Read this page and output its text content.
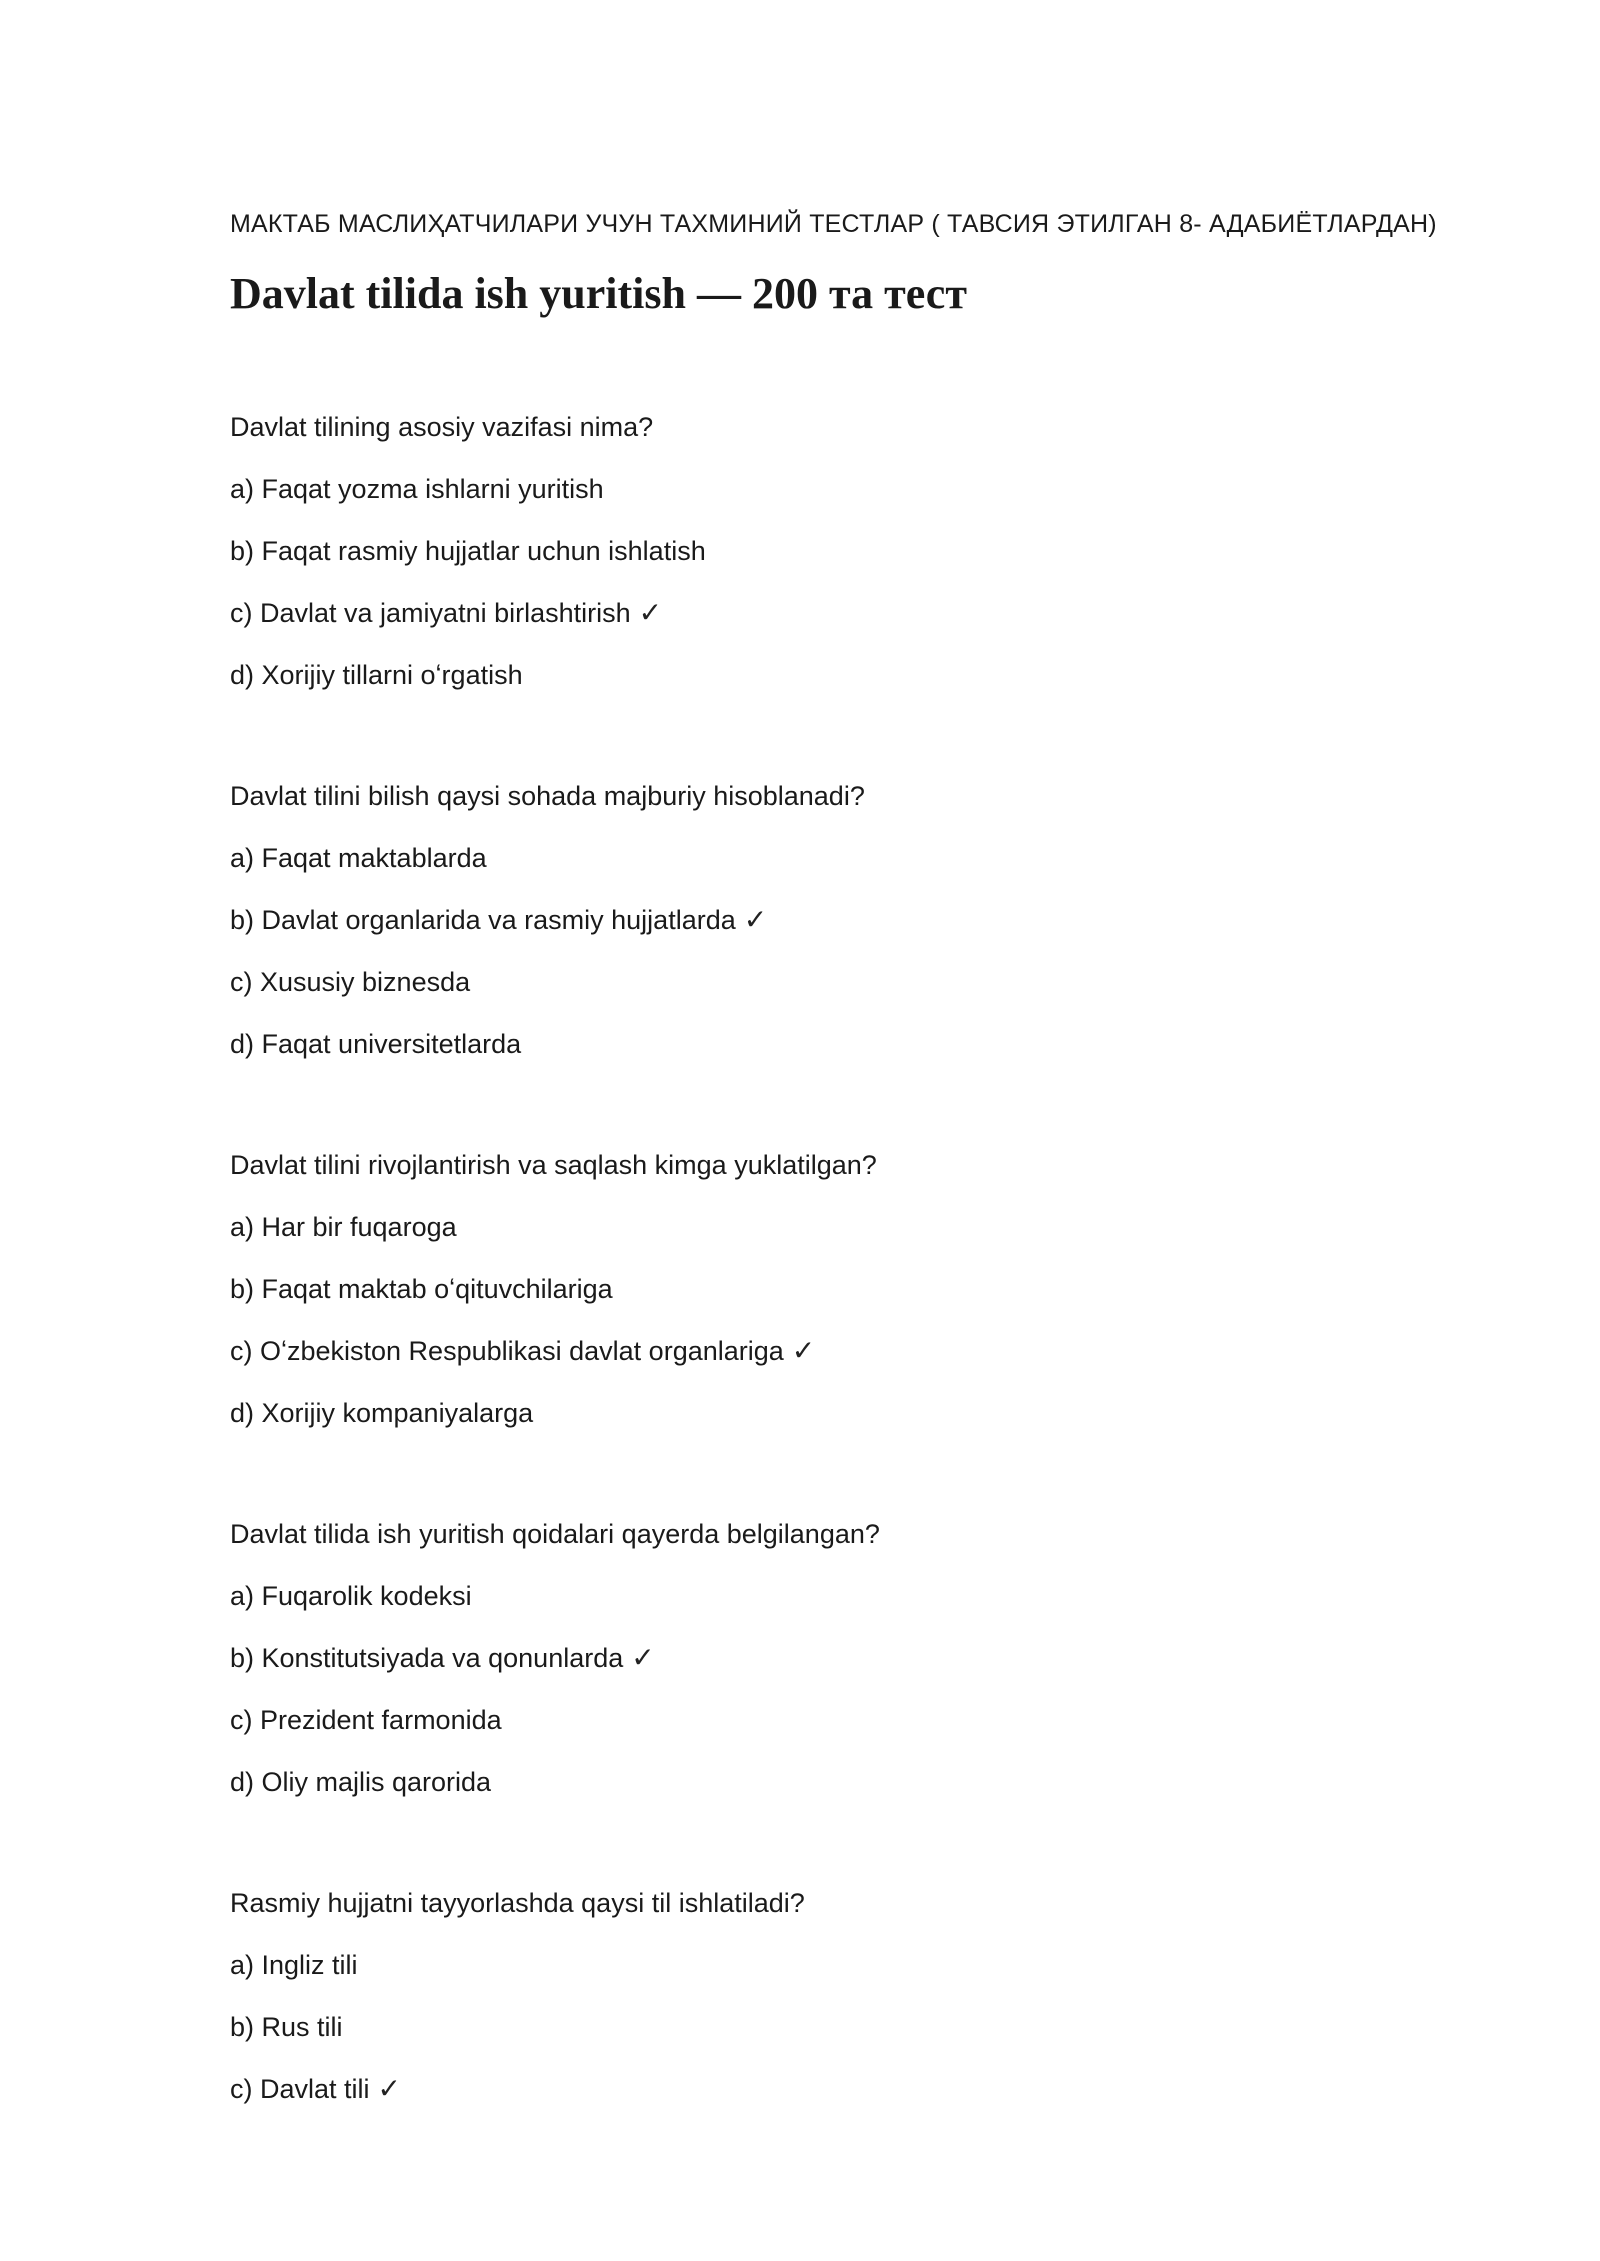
МАКТАБ МАСЛИҲАТЧИЛАРИ УЧУН ТАХМИНИЙ ТЕСТЛАР ( ТАВСИЯ ЭТИЛГАН 8- АДАБИЁТЛАРДАН)
Davlat tilida ish yuritish — 200 та тест
Davlat tilining asosiy vazifasi nima?
a) Faqat yozma ishlarni yuritish
b) Faqat rasmiy hujjatlar uchun ishlatish
c) Davlat va jamiyatni birlashtirish ✓
d) Xorijiy tillarni oʻrgatish
Davlat tilini bilish qaysi sohada majburiy hisoblanadi?
a) Faqat maktablarda
b) Davlat organlarida va rasmiy hujjatlarda ✓
c) Xususiy biznesda
d) Faqat universitetlarda
Davlat tilini rivojlantirish va saqlash kimga yuklatilgan?
a) Har bir fuqaroga
b) Faqat maktab oʻqituvchilariga
c) Oʻzbekiston Respublikasi davlat organlariga ✓
d) Xorijiy kompaniyalarga
Davlat tilida ish yuritish qoidalari qayerda belgilangan?
a) Fuqarolik kodeksi
b) Konstitutsiyada va qonunlarda ✓
c) Prezident farmonida
d) Oliy majlis qarorida
Rasmiy hujjatni tayyorlashda qaysi til ishlatiladi?
a) Ingliz tili
b) Rus tili
c) Davlat tili ✓
